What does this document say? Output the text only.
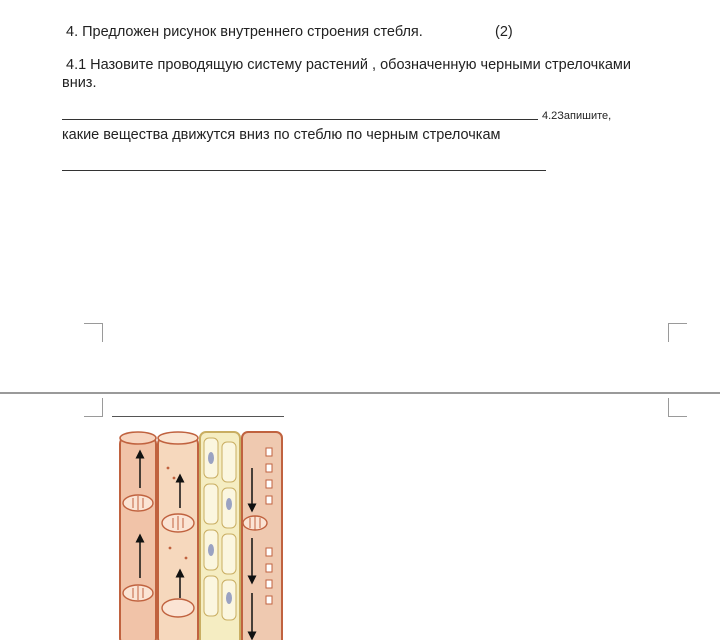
4. Предложен рисунок внутреннего строения стебля.	(2)
4.1 Назовите проводящую систему растений , обозначенную черными стрелочками
вниз.
4.2Запишите,
какие вещества движутся вниз по стеблю по черным стрелочкам
